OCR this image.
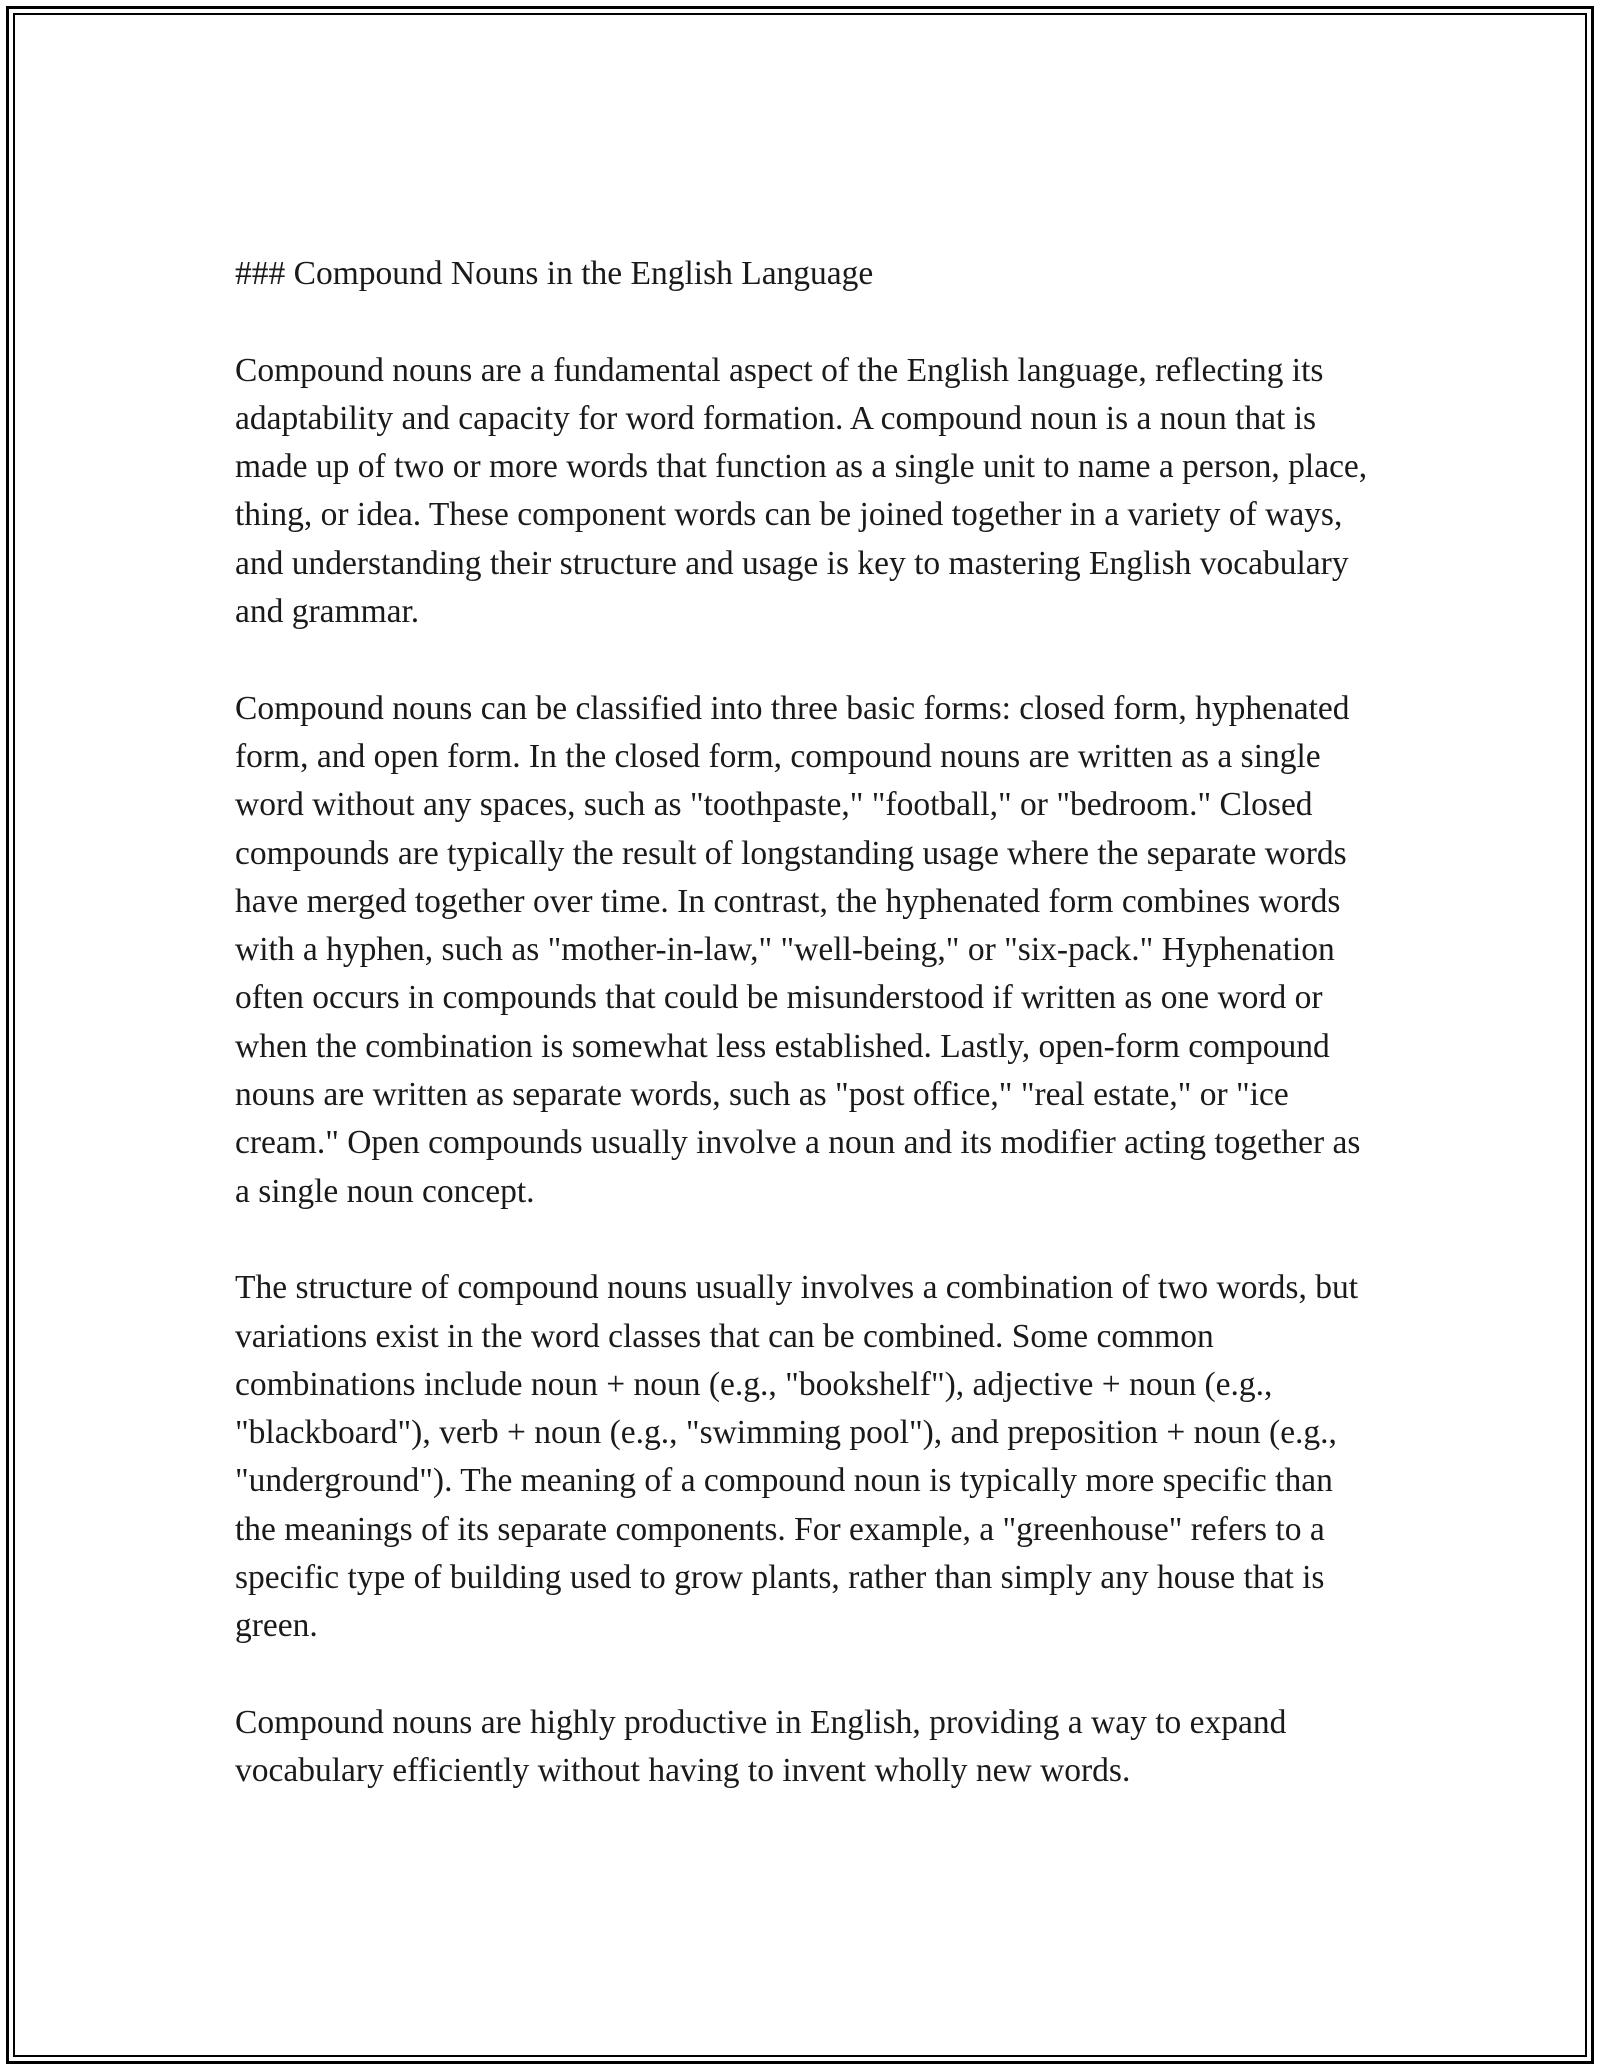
### Compound Nouns in the English Language

Compound nouns are a fundamental aspect of the English language, reflecting its adaptability and capacity for word formation. A compound noun is a noun that is made up of two or more words that function as a single unit to name a person, place, thing, or idea. These component words can be joined together in a variety of ways, and understanding their structure and usage is key to mastering English vocabulary and grammar.

Compound nouns can be classified into three basic forms: closed form, hyphenated form, and open form. In the closed form, compound nouns are written as a single word without any spaces, such as "toothpaste," "football," or "bedroom." Closed compounds are typically the result of longstanding usage where the separate words have merged together over time. In contrast, the hyphenated form combines words with a hyphen, such as "mother-in-law," "well-being," or "six-pack." Hyphenation often occurs in compounds that could be misunderstood if written as one word or when the combination is somewhat less established. Lastly, open-form compound nouns are written as separate words, such as "post office," "real estate," or "ice cream." Open compounds usually involve a noun and its modifier acting together as a single noun concept.

The structure of compound nouns usually involves a combination of two words, but variations exist in the word classes that can be combined. Some common combinations include noun + noun (e.g., "bookshelf"), adjective + noun (e.g., "blackboard"), verb + noun (e.g., "swimming pool"), and preposition + noun (e.g., "underground"). The meaning of a compound noun is typically more specific than the meanings of its separate components. For example, a "greenhouse" refers to a specific type of building used to grow plants, rather than simply any house that is green.

Compound nouns are highly productive in English, providing a way to expand vocabulary efficiently without having to invent wholly new words.
